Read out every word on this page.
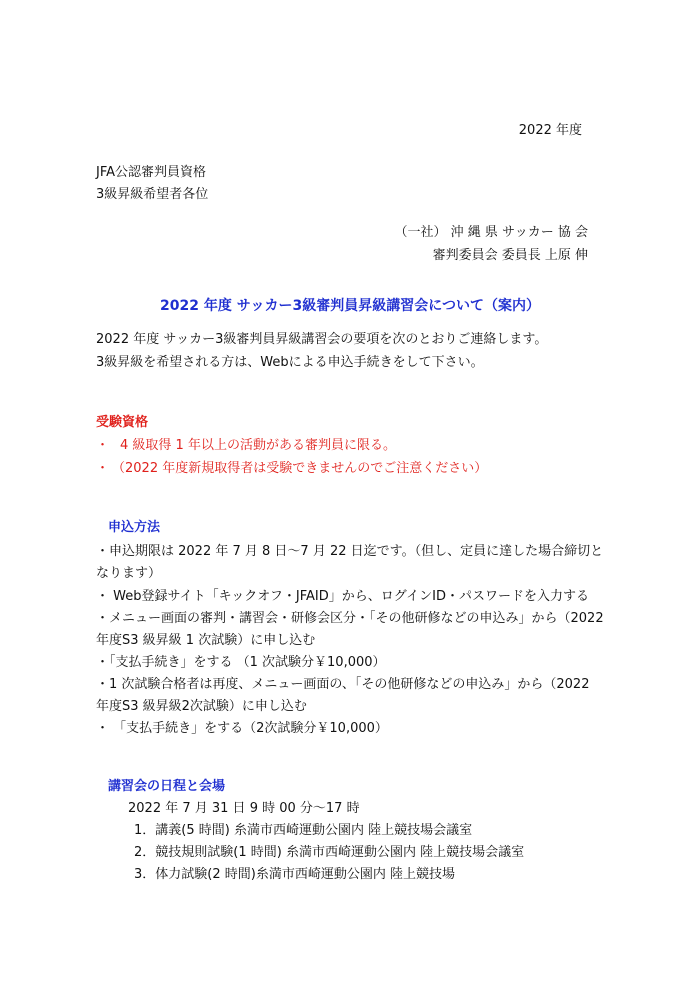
2022 年度
JFA公認審判員資格
3級昇級希望者各位
（一社） 沖 縄 県 サッカー 協 会
審判委員会 委員長 上原 伸
2022 年度 サッカー3級審判員昇級講習会について（案内）
2022 年度 サッカー3級審判員昇級講習会の要項を次のとおりご連絡します。
3級昇級を希望される方は、Webによる申込手続きをして下さい。
受験資格
・ 4 級取得 1 年以上の活動がある審判員に限る。
・ （2022 年度新規取得者は受験できませんのでご注意ください）
申込方法
・申込期限は 2022 年 7 月 8 日～7 月 22 日迄です。（但し、定員に達した場合締切と
なります）
・ Web登録サイト「キックオフ・JFAID」から、ログインID・パスワードを入力する
・メニュー画面の審判・講習会・研修会区分・「その他研修などの申込み」から（2022
年度S3 級昇級 1 次試験）に申し込む
・「支払手続き」をする （1 次試験分￥10,000）
・1 次試験合格者は再度、メニュー画面の、「その他研修などの申込み」から（2022
年度S3 級昇級2次試験）に申し込む
・ 「支払手続き」をする（2次試験分￥10,000）
講習会の日程と会場
2022 年 7 月 31 日 9 時 00 分～17 時
1．講義(5 時間) 糸満市西崎運動公園内 陸上競技場会議室
2．競技規則試験(1 時間) 糸満市西崎運動公園内 陸上競技場会議室
3．体力試験(2 時間)糸満市西崎運動公園内 陸上競技場
